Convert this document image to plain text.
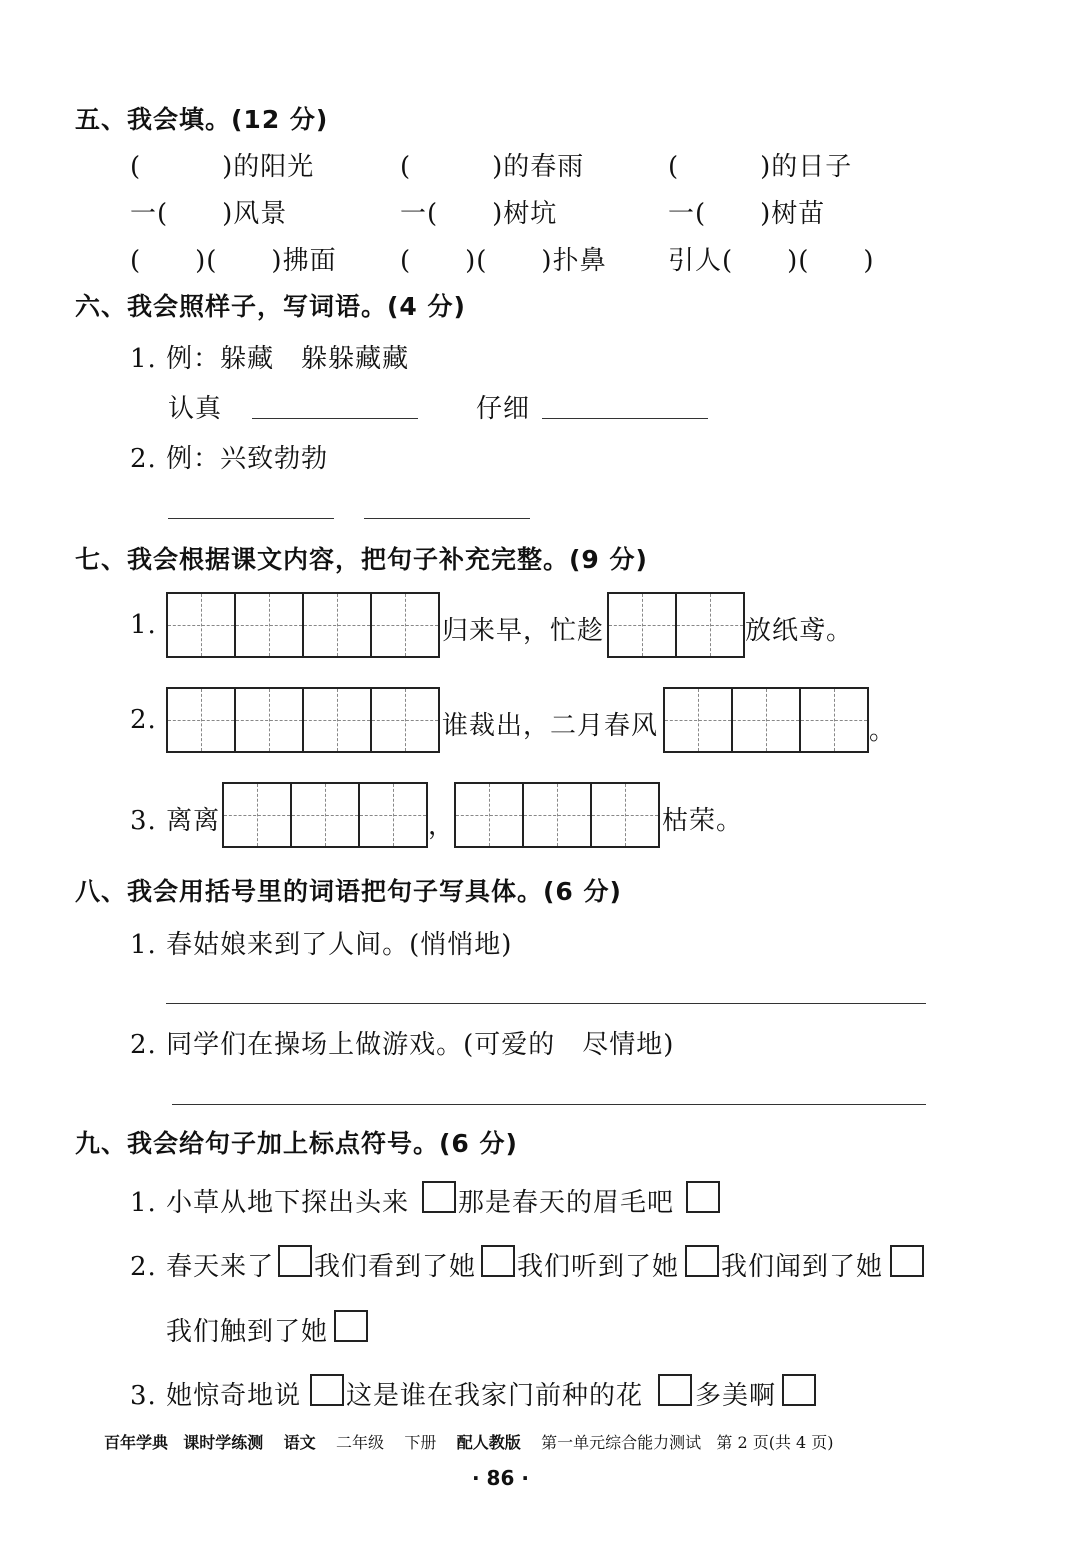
五、我会填。(12 分)
(　　　)的阳光	(　　　)的春雨	(　　　)的日子
一(　　)风景	一(　　)树坑	一(　　)树苗
(　　)(　　)拂面 (　　)(　　)扑鼻 引人(　　)(　　)
六、我会照样子，写词语。(4 分)
1. 例：躲藏　躲躲藏藏
认真	仔细
2. 例：兴致勃勃
七、我会根据课文内容，把句子补充完整。(9 分)
1.	归来早，忙趁	放纸鸢。
2.	谁裁出，二月春风	。
3. 离离	，	枯荣。
八、我会用括号里的词语把句子写具体。(6 分)
1. 春姑娘来到了人间。(悄悄地)
2. 同学们在操场上做游戏。(可爱的　尽情地)
九、我会给句子加上标点符号。(6 分)
1. 小草从地下探出头来 那是春天的眉毛吧
2. 春天来了 我们看到了她 我们听到了她 我们闻到了她
我们触到了她
3. 她惊奇地说 这是谁在我家门前种的花 多美啊
百年学典 课时学练测 语文 二年级 下册 配人教版 第一单元综合能力测试 第 2 页(共 4 页)
· 86 ·
